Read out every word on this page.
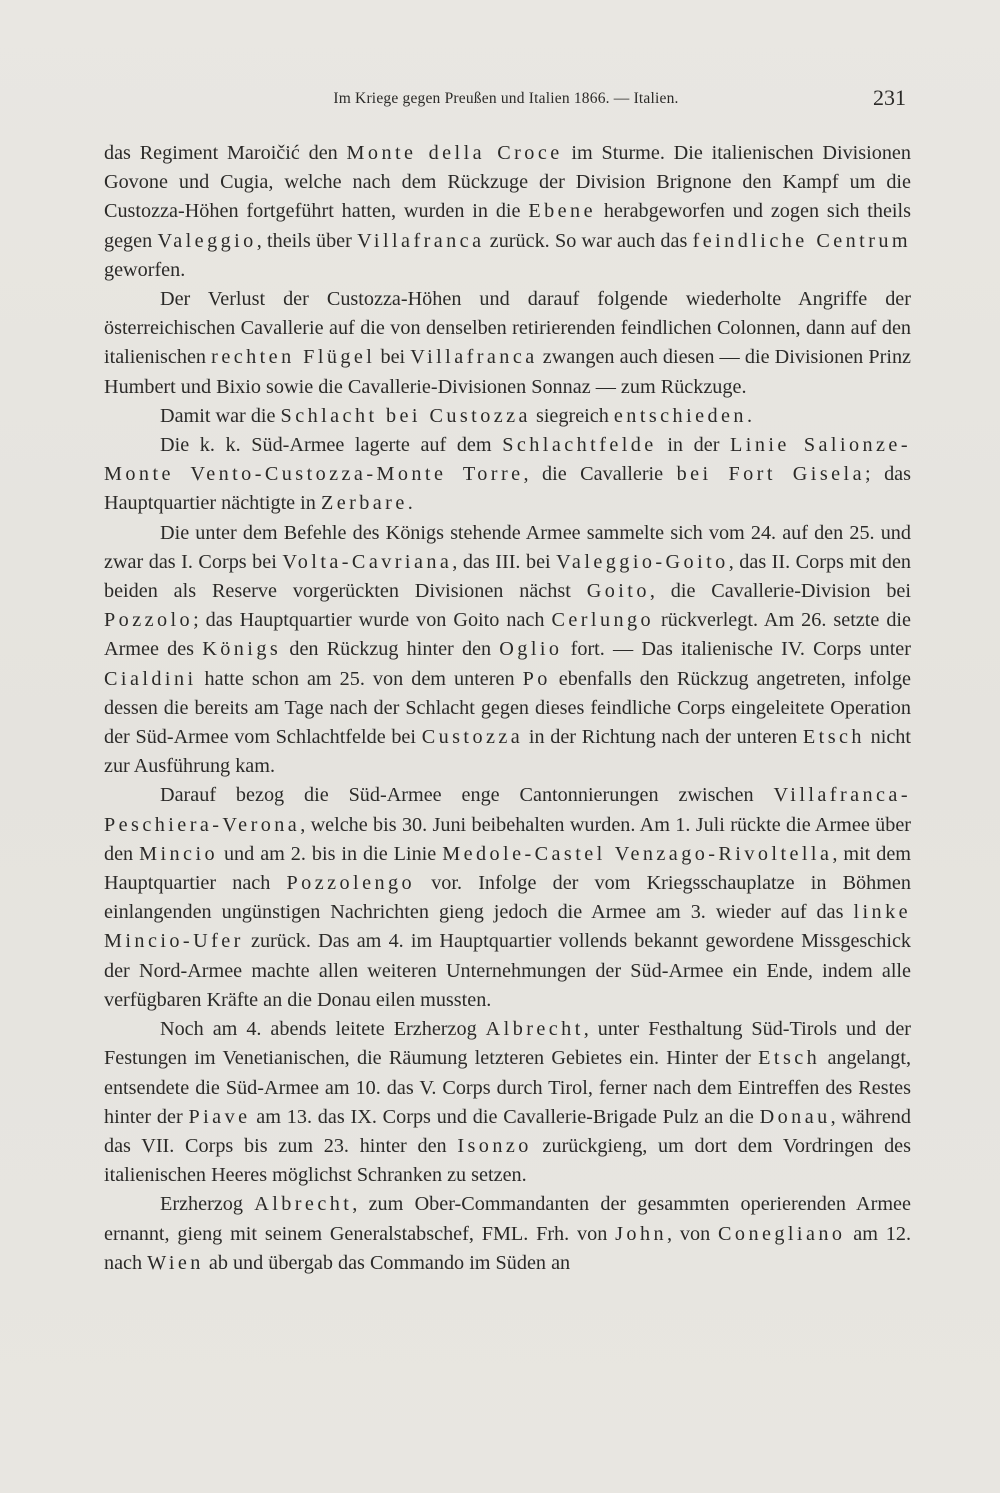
Im Kriege gegen Preußen und Italien 1866. — Italien.	231

das Regiment Maroičić den Monte della Croce im Sturme. Die italienischen Divisionen Govone und Cugia, welche nach dem Rückzuge der Division Brignone den Kampf um die Custozza-Höhen fortgeführt hatten, wurden in die Ebene herabgeworfen und zogen sich theils gegen Valeggio, theils über Villafranca zurück. So war auch das feindliche Centrum geworfen.

Der Verlust der Custozza-Höhen und darauf folgende wiederholte Angriffe der österreichischen Cavallerie auf die von denselben retirierenden feindlichen Colonnen, dann auf den italienischen rechten Flügel bei Villafranca zwangen auch diesen — die Divisionen Prinz Humbert und Bixio sowie die Cavallerie-Divisionen Sonnaz — zum Rückzuge.

Damit war die Schlacht bei Custozza siegreich entschieden.

Die k. k. Süd-Armee lagerte auf dem Schlachtfelde in der Linie Salionze-Monte Vento-Custozza-Monte Torre, die Cavallerie bei Fort Gisela; das Hauptquartier nächtigte in Zerbare.

Die unter dem Befehle des Königs stehende Armee sammelte sich vom 24. auf den 25. und zwar das I. Corps bei Volta-Cavriana, das III. bei Valeggio-Goito, das II. Corps mit den beiden als Reserve vorgerückten Divisionen nächst Goito, die Cavallerie-Division bei Pozzolo; das Hauptquartier wurde von Goito nach Cerlungo rückverlegt. Am 26. setzte die Armee des Königs den Rückzug hinter den Oglio fort. — Das italienische IV. Corps unter Cialdini hatte schon am 25. von dem unteren Po ebenfalls den Rückzug angetreten, infolge dessen die bereits am Tage nach der Schlacht gegen dieses feindliche Corps eingeleitete Operation der Süd-Armee vom Schlachtfelde bei Custozza in der Richtung nach der unteren Etsch nicht zur Ausführung kam.

Darauf bezog die Süd-Armee enge Cantonnierungen zwischen Villafranca-Peschiera-Verona, welche bis 30. Juni beibehalten wurden. Am 1. Juli rückte die Armee über den Mincio und am 2. bis in die Linie Medole-Castel Venzago-Rivoltella, mit dem Hauptquartier nach Pozzolengo vor. Infolge der vom Kriegsschauplatze in Böhmen einlangenden ungünstigen Nachrichten gieng jedoch die Armee am 3. wieder auf das linke Mincio-Ufer zurück. Das am 4. im Hauptquartier vollends bekannt gewordene Missgeschick der Nord-Armee machte allen weiteren Unternehmungen der Süd-Armee ein Ende, indem alle verfügbaren Kräfte an die Donau eilen mussten.

Noch am 4. abends leitete Erzherzog Albrecht, unter Festhaltung Süd-Tirols und der Festungen im Venetianischen, die Räumung letzteren Gebietes ein. Hinter der Etsch angelangt, entsendete die Süd-Armee am 10. das V. Corps durch Tirol, ferner nach dem Eintreffen des Restes hinter der Piave am 13. das IX. Corps und die Cavallerie-Brigade Pulz an die Donau, während das VII. Corps bis zum 23. hinter den Isonzo zurückgieng, um dort dem Vordringen des italienischen Heeres möglichst Schranken zu setzen.

Erzherzog Albrecht, zum Ober-Commandanten der gesammten operierenden Armee ernannt, gieng mit seinem Generalstabschef, FML. Frh. von John, von Conegliano am 12. nach Wien ab und übergab das Commando im Süden an
